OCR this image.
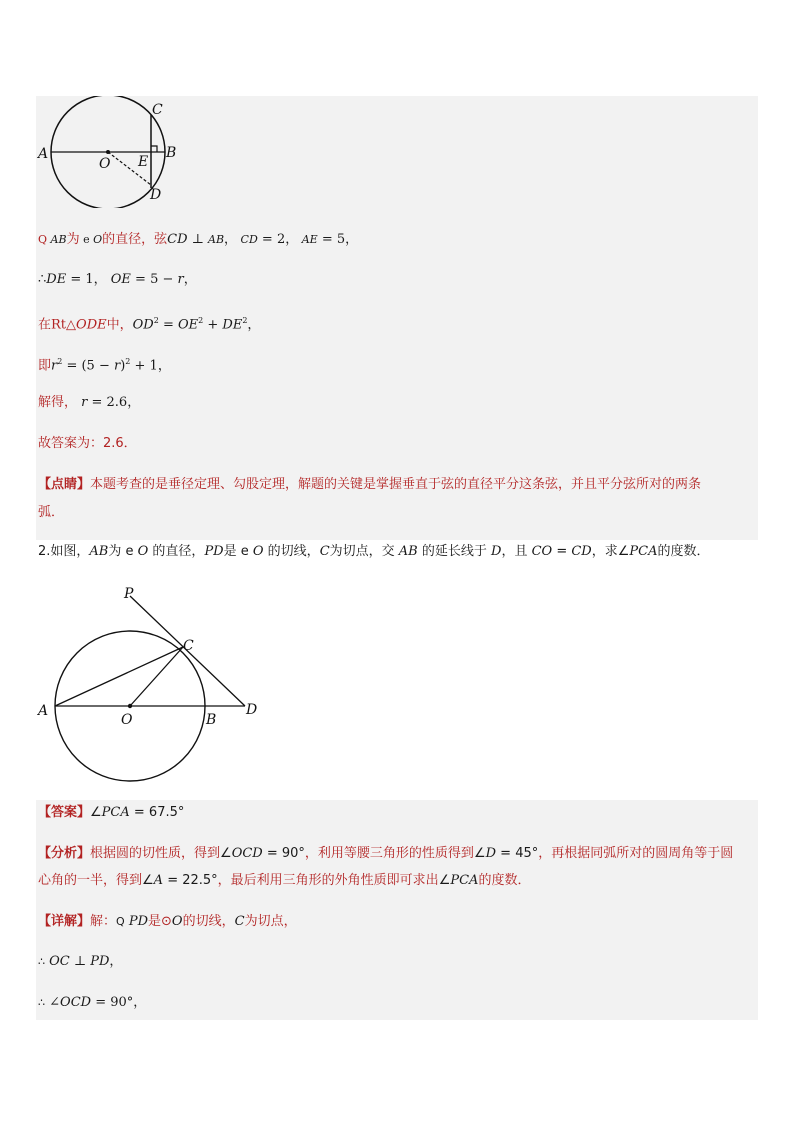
A	B
C
D
O E
Q AB为 e O的直径，弦CD ⊥ AB， CD = 2， AE = 5，
∴DE = 1， OE = 5 − r，
在Rt△ODE中，$OD^2 = OE^2 + DE^2$，
即$r^2 = (5 - r)^2 + 1$，
解得， r = 2.6，
故答案为：2.6．
【点睛】本题考查的是垂径定理、勾股定理，解题的关键是掌握垂直于弦的直径平分这条弦，并且平分弦所对的两条
弧．
2.如图，AB为 e O 的直径，PD是 e O 的切线，C为切点，交 AB 的延长线于 D，且 CO = CD，求∠PCA的度数．
P
C
A
O	B
D
【答案】∠PCA = 67.5°
【分析】根据圆的切性质，得到∠OCD = 90°，利用等腰三角形的性质得到∠D = 45°，再根据同弧所对的圆周角等于圆
心角的一半，得到∠A = 22.5°，最后利用三角形的外角性质即可求出∠PCA的度数．
【详解】解：Q PD是⊙O的切线，C为切点，
∴ OC ⊥ PD，
∴ ∠OCD = 90°，
